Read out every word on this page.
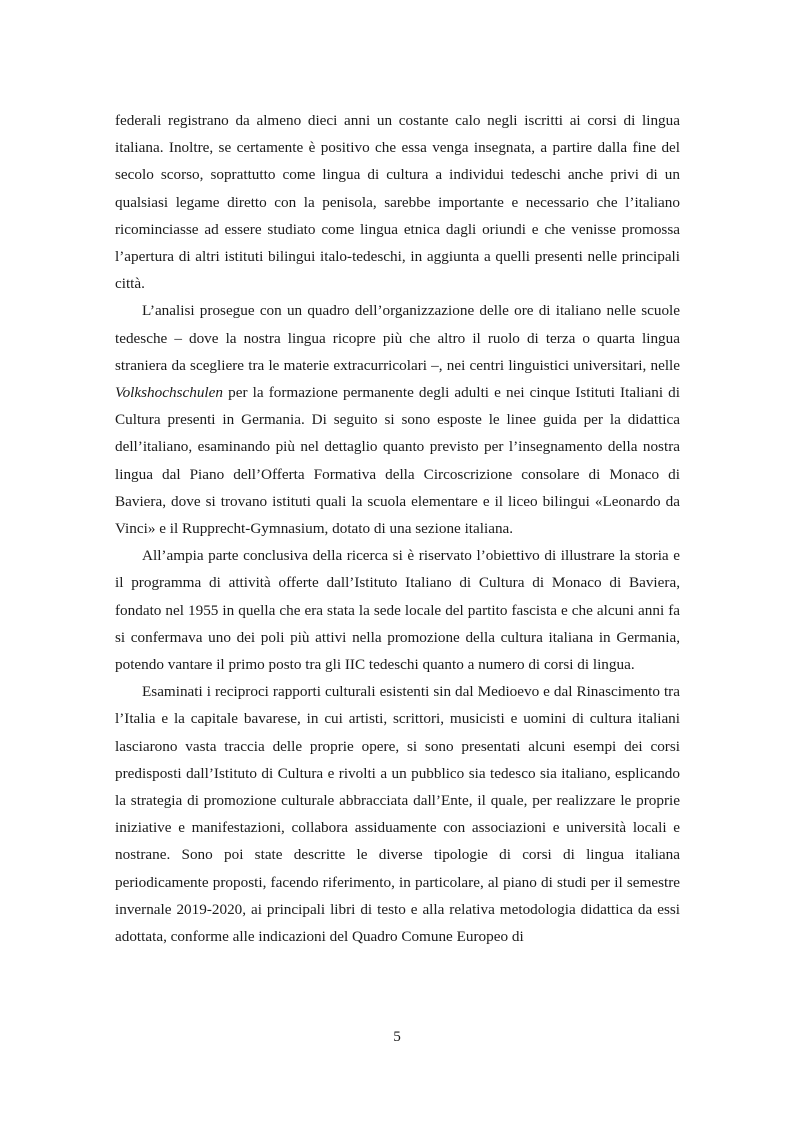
federali registrano da almeno dieci anni un costante calo negli iscritti ai corsi di lingua italiana. Inoltre, se certamente è positivo che essa venga insegnata, a partire dalla fine del secolo scorso, soprattutto come lingua di cultura a individui tedeschi anche privi di un qualsiasi legame diretto con la penisola, sarebbe importante e necessario che l’italiano ricominciasse ad essere studiato come lingua etnica dagli oriundi e che venisse promossa l’apertura di altri istituti bilingui italo-tedeschi, in aggiunta a quelli presenti nelle principali città.

L’analisi prosegue con un quadro dell’organizzazione delle ore di italiano nelle scuole tedesche – dove la nostra lingua ricopre più che altro il ruolo di terza o quarta lingua straniera da scegliere tra le materie extracurricolari –, nei centri linguistici universitari, nelle Volkshochschulen per la formazione permanente degli adulti e nei cinque Istituti Italiani di Cultura presenti in Germania. Di seguito si sono esposte le linee guida per la didattica dell’italiano, esaminando più nel dettaglio quanto previsto per l’insegnamento della nostra lingua dal Piano dell’Offerta Formativa della Circoscrizione consolare di Monaco di Baviera, dove si trovano istituti quali la scuola elementare e il liceo bilingui «Leonardo da Vinci» e il Rupprecht-Gymnasium, dotato di una sezione italiana.

All’ampia parte conclusiva della ricerca si è riservato l’obiettivo di illustrare la storia e il programma di attività offerte dall’Istituto Italiano di Cultura di Monaco di Baviera, fondato nel 1955 in quella che era stata la sede locale del partito fascista e che alcuni anni fa si confermava uno dei poli più attivi nella promozione della cultura italiana in Germania, potendo vantare il primo posto tra gli IIC tedeschi quanto a numero di corsi di lingua.

Esaminati i reciproci rapporti culturali esistenti sin dal Medioevo e dal Rinascimento tra l’Italia e la capitale bavarese, in cui artisti, scrittori, musicisti e uomini di cultura italiani lasciarono vasta traccia delle proprie opere, si sono presentati alcuni esempi dei corsi predisposti dall’Istituto di Cultura e rivolti a un pubblico sia tedesco sia italiano, esplicando la strategia di promozione culturale abbracciata dall’Ente, il quale, per realizzare le proprie iniziative e manifestazioni, collabora assiduamente con associazioni e università locali e nostrane. Sono poi state descritte le diverse tipologie di corsi di lingua italiana periodicamente proposti, facendo riferimento, in particolare, al piano di studi per il semestre invernale 2019-2020, ai principali libri di testo e alla relativa metodologia didattica da essi adottata, conforme alle indicazioni del Quadro Comune Europeo di

5
